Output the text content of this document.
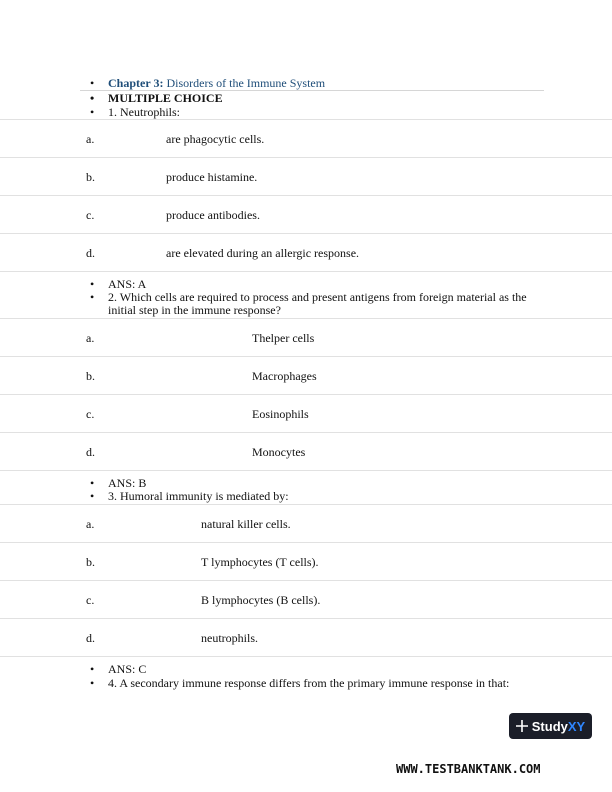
• Chapter 3: Disorders of the Immune System
• MULTIPLE CHOICE
• 1. Neutrophils:
a.	are phagocytic cells.
b.	produce histamine.
c.	produce antibodies.
d.	are elevated during an allergic response.
• ANS: A
• 2. Which cells are required to process and present antigens from foreign material as the initial step in the immune response?
a.	Thelper cells
b.	Macrophages
c.	Eosinophils
d.	Monocytes
• ANS: B
• 3. Humoral immunity is mediated by:
a.	natural killer cells.
b.	T lymphocytes (T cells).
c.	B lymphocytes (B cells).
d.	neutrophils.
• ANS: C
• 4. A secondary immune response differs from the primary immune response in that:
Study XY
WWW.TESTBANKTANK.COM
